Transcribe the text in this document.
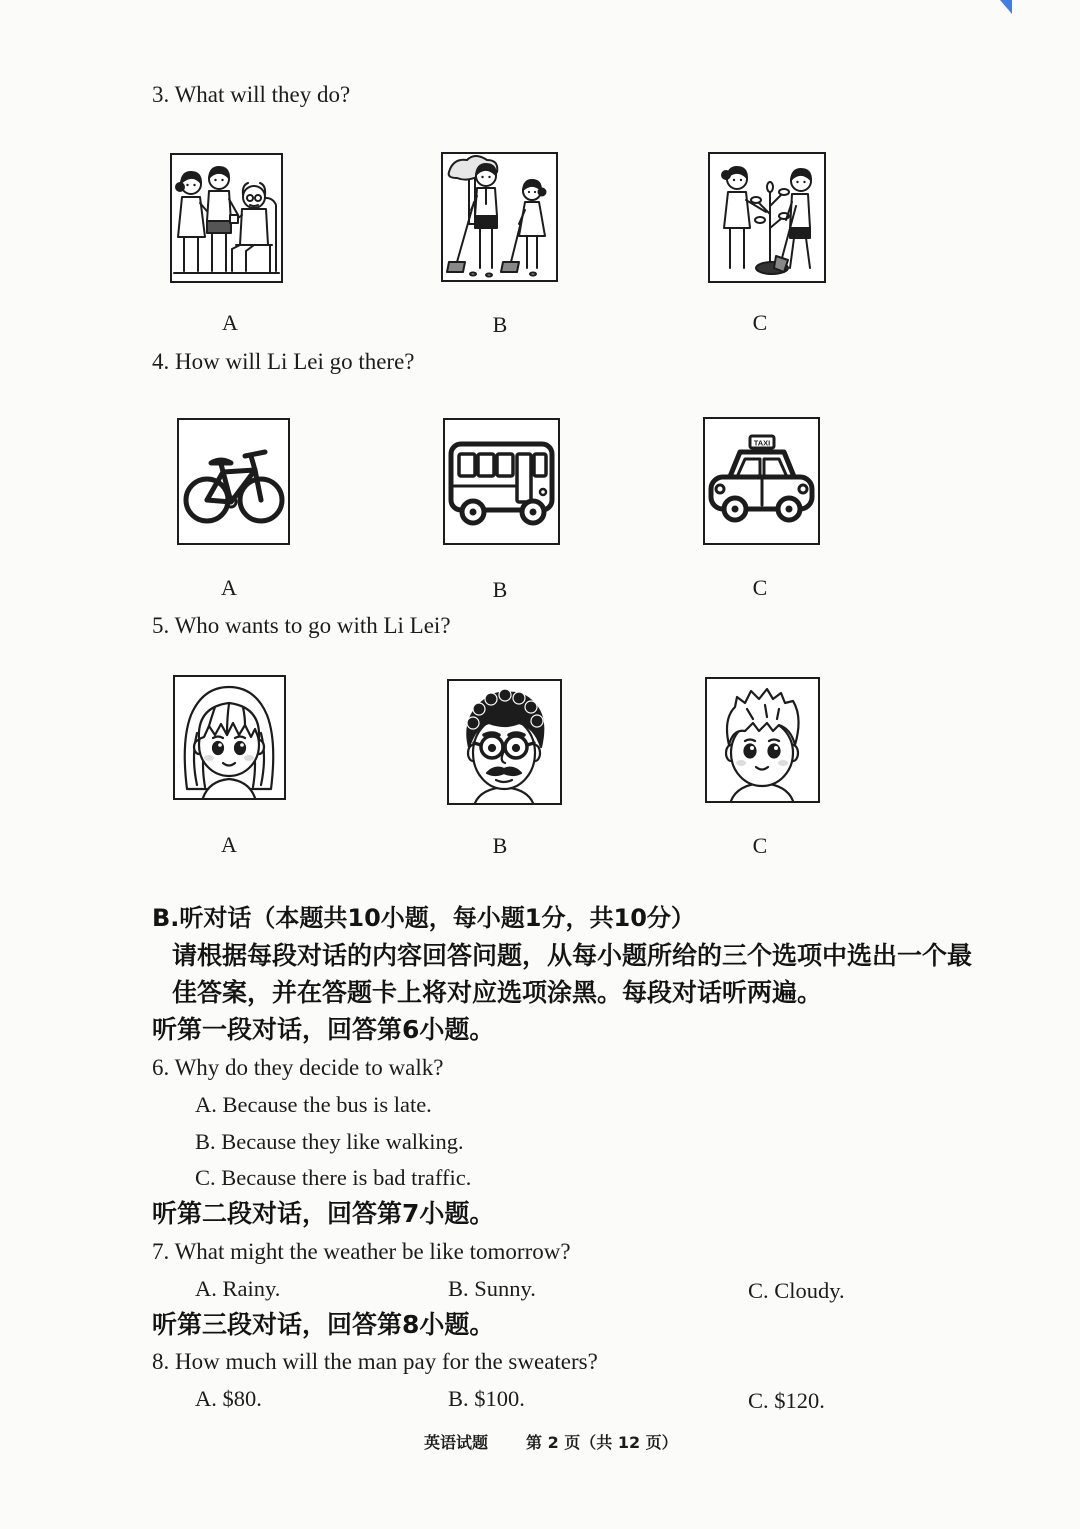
3. What will they do?
A	B	C
4. How will Li Lei go there?
A	B
TAXI
C
5. Who wants to go with Li Lei?
A	B	C
B.听对话（本题共10小题，每小题1分，共10分）
请根据每段对话的内容回答问题，从每小题所给的三个选项中选出一个最
佳答案，并在答题卡上将对应选项涂黑。每段对话听两遍。
听第一段对话，回答第6小题。
6. Why do they decide to walk?
A. Because the bus is late.
B. Because they like walking.
C. Because there is bad traffic.
听第二段对话，回答第7小题。
7. What might the weather be like tomorrow?
A. Rainy.	B. Sunny.	C. Cloudy.
听第三段对话，回答第8小题。
8. How much will the man pay for the sweaters?
A. $80.	B. $100.	C. $120.
英语试题 第 2 页（共 12 页）
